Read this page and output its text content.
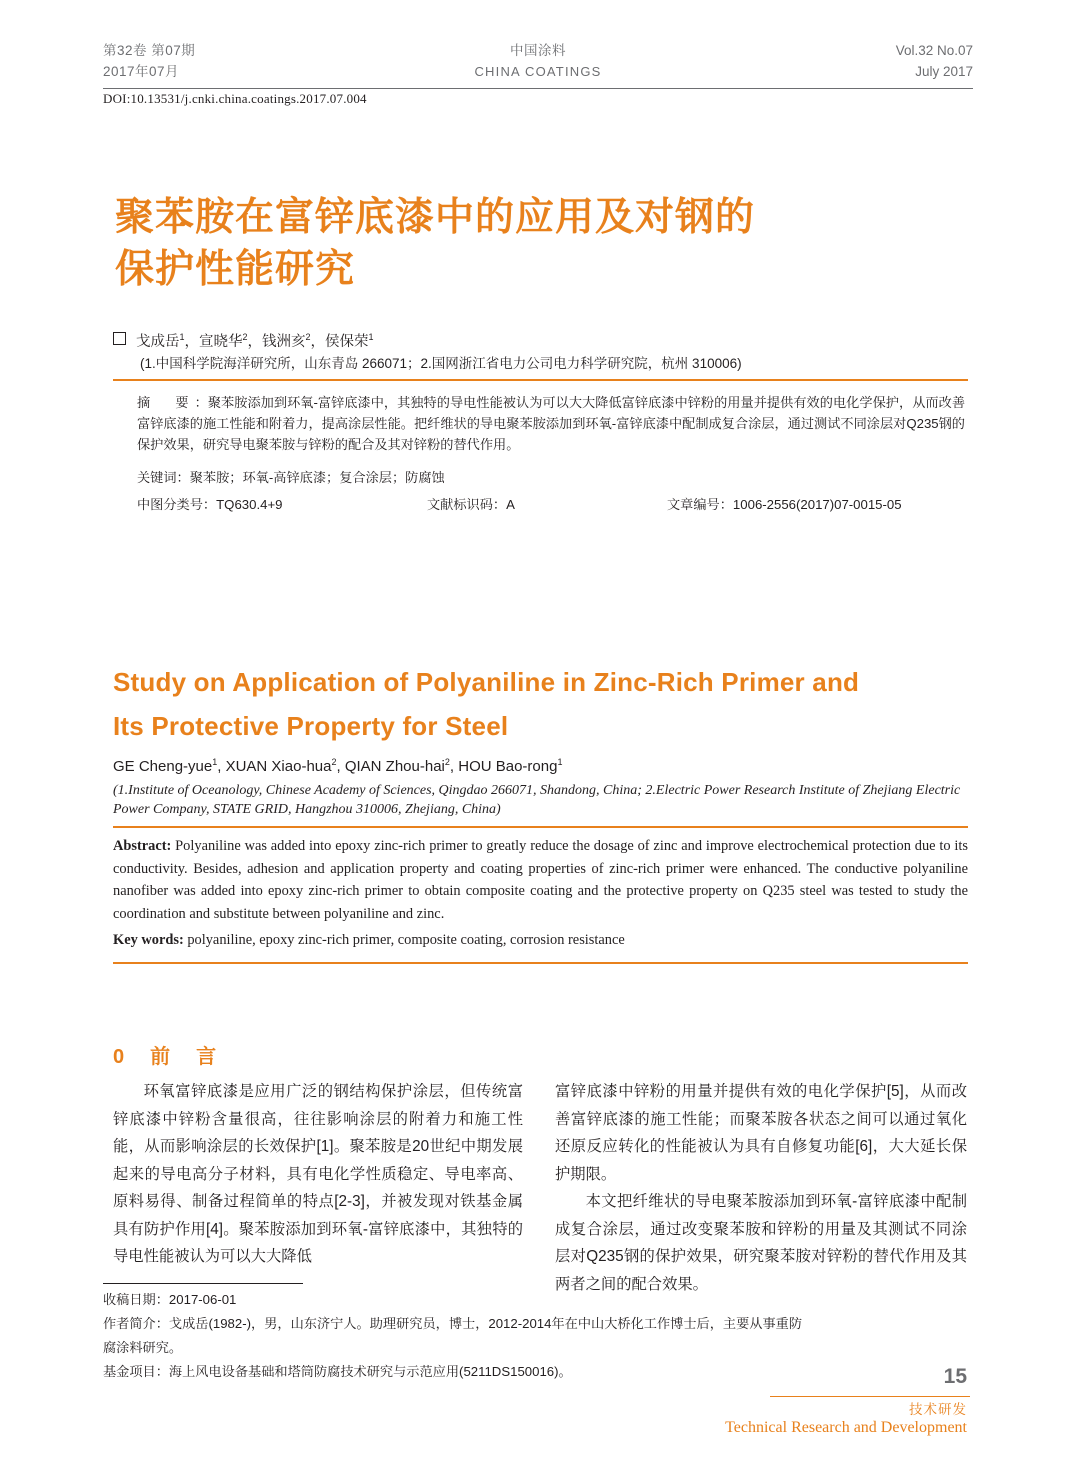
第32卷 第07期
2017年07月
中国涂料
CHINA COATINGS
Vol.32 No.07
July 2017
DOI:10.13531/j.cnki.china.coatings.2017.07.004
聚苯胺在富锌底漆中的应用及对钢的
保护性能研究
戈成岳$^1$，宣晓华$^2$，钱洲亥$^2$，侯保荣$^1$
(1.中国科学院海洋研究所，山东青岛 266071；2.国网浙江省电力公司电力科学研究院，杭州 310006)
摘　要：聚苯胺添加到环氧-富锌底漆中，其独特的导电性能被认为可以大大降低富锌底漆中锌粉的用量并提供有效的电化学保护，从而改善富锌底漆的施工性能和附着力，提高涂层性能。把纤维状的导电聚苯胺添加到环氧-富锌底漆中配制成复合涂层，通过测试不同涂层对Q235钢的保护效果，研究导电聚苯胺与锌粉的配合及其对锌粉的替代作用。
关键词：聚苯胺；环氧-高锌底漆；复合涂层；防腐蚀
中图分类号：TQ630.4+9	文献标识码：A	文章编号：1006-2556(2017)07-0015-05
Study on Application of Polyaniline in Zinc-Rich Primer and
Its Protective Property for Steel
GE Cheng-yue$^1$, XUAN Xiao-hua$^2$, QIAN Zhou-hai$^2$, HOU Bao-rong$^1$
(1.Institute of Oceanology, Chinese Academy of Sciences, Qingdao 266071, Shandong, China; 2.Electric Power Research Institute of Zhejiang Electric Power Company, STATE GRID, Hangzhou 310006, Zhejiang, China)
Abstract: Polyaniline was added into epoxy zinc-rich primer to greatly reduce the dosage of zinc and improve electrochemical protection due to its conductivity. Besides, adhesion and application property and coating properties of zinc-rich primer were enhanced. The conductive polyaniline nanofiber was added into epoxy zinc-rich primer to obtain composite coating and the protective property on Q235 steel was tested to study the coordination and substitute between polyaniline and zinc.
Key words: polyaniline, epoxy zinc-rich primer, composite coating, corrosion resistance
0　前　言

环氧富锌底漆是应用广泛的钢结构保护涂层，但传统富锌底漆中锌粉含量很高，往往影响涂层的附着力和施工性能，从而影响涂层的长效保护[1]。聚苯胺是20世纪中期发展起来的导电高分子材料，具有电化学性质稳定、导电率高、原料易得、制备过程简单的特点[2-3]，并被发现对铁基金属具有防护作用[4]。聚苯胺添加到环氧-富锌底漆中，其独特的导电性能被认为可以大大降低

富锌底漆中锌粉的用量并提供有效的电化学保护[5]，从而改善富锌底漆的施工性能；而聚苯胺各状态之间可以通过氧化还原反应转化的性能被认为具有自修复功能[6]，大大延长保护期限。

本文把纤维状的导电聚苯胺添加到环氧-富锌底漆中配制成复合涂层，通过改变聚苯胺和锌粉的用量及其测试不同涂层对Q235钢的保护效果，研究聚苯胺对锌粉的替代作用及其两者之间的配合效果。

收稿日期：2017-06-01
作者简介：戈成岳(1982-)，男，山东济宁人。助理研究员，博士，2012-2014年在中山大桥化工作博士后，主要从事重防腐涂料研究。
基金项目：海上风电设备基础和塔筒防腐技术研究与示范应用(5211DS150016)。	15
技术研发
Technical Research and Development
